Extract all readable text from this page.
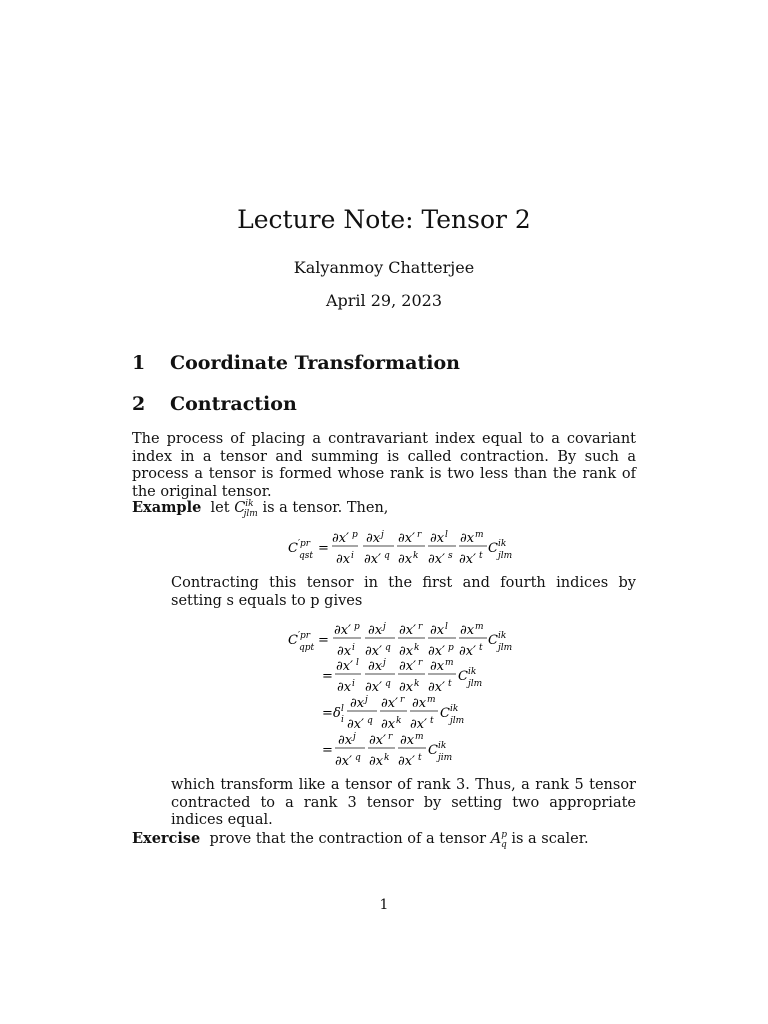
Lecture Note: Tensor 2
Kalyanmoy Chatterjee
April 29, 2023
1 Coordinate Transformation
2 Contraction
The process of placing a contravariant index equal to a covariant index in a tensor and summing is called contraction. By such a process a tensor is formed whose rank is two less than the rank of the original tensor.
Example let $C^{ik}_{jlm}$ is a tensor. Then,
C ′pr
qst =
∂x′ p
∂x i
∂x j
∂x′ q
∂x′ r
∂x k
∂x l
∂x′ s
∂x m
∂x′ t C ik
jlm
Contracting this tensor in the first and fourth indices by setting s equals to p gives
C ′pr
qpt =
∂x′ p
∂x i
∂x j
∂x′ q
∂x′ r
∂x k
∂x l
∂x′ p
∂x m
∂x′ t C ik
jlm
=
∂x′ l
∂x i
∂x j
∂x′ q
∂x′ r
∂x k
∂x m
∂x′ t C ik
jlm
= δ l
i
∂x j
∂x′ q
∂x′ r
∂x k
∂x m
∂x′ t C ik
jlm
=
∂x j
∂x′ q
∂x′ r
∂x k
∂x m
∂x′ t C ik
jim
which transform like a tensor of rank 3. Thus, a rank 5 tensor contracted to a rank 3 tensor by setting two appropriate indices equal.
Exercise prove that the contraction of a tensor $A^p_q$ is a scaler.
1
